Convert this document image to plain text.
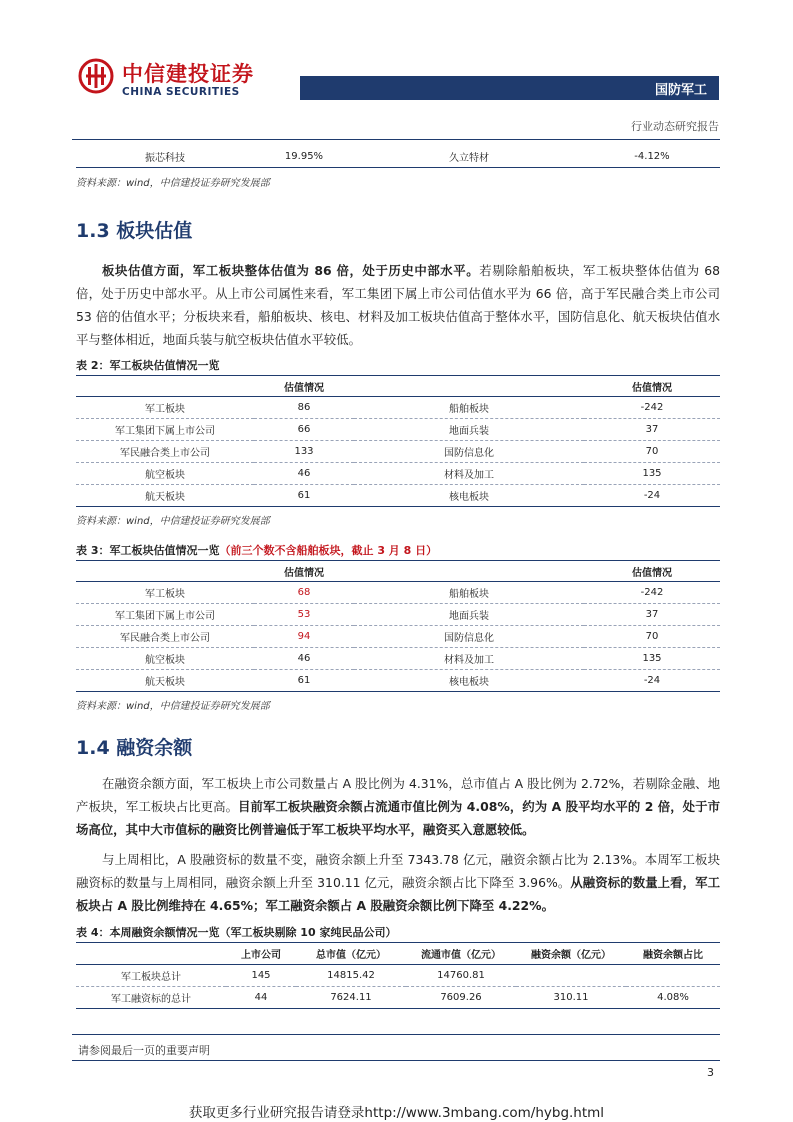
中信建投证券
CHINA SECURITIES	国防军工
行业动态研究报告
振芯科技	19.95%	久立特材	-4.12%
资料来源：wind，中信建投证券研究发展部
1.3 板块估值

板块估值方面，军工板块整体估值为 86 倍，处于历史中部水平。若剔除船舶板块，军工板块整体估值为 68 倍，处于历史中部水平。从上市公司属性来看，军工集团下属上市公司估值水平为 66 倍，高于军民融合类上市公司 53 倍的估值水平；分板块来看，船舶板块、核电、材料及加工板块估值高于整体水平，国防信息化、航天板块估值水平与整体相近，地面兵装与航空板块估值水平较低。

表 2：军工板块估值情况一览
	估值情况		估值情况
军工板块	86	船舶板块	-242
军工集团下属上市公司	66	地面兵装	37
军民融合类上市公司	133	国防信息化	70
航空板块	46	材料及加工	135
航天板块	61	核电板块	-24
资料来源：wind，中信建投证券研究发展部
表 3：军工板块估值情况一览（前三个数不含船舶板块，截止 3 月 8 日）
	估值情况		估值情况
军工板块	68	船舶板块	-242
军工集团下属上市公司	53	地面兵装	37
军民融合类上市公司	94	国防信息化	70
航空板块	46	材料及加工	135
航天板块	61	核电板块	-24
资料来源：wind，中信建投证券研究发展部
1.4 融资余额

在融资余额方面，军工板块上市公司数量占 A 股比例为 4.31%，总市值占 A 股比例为 2.72%，若剔除金融、地产板块，军工板块占比更高。目前军工板块融资余额占流通市值比例为 4.08%，约为 A 股平均水平的 2 倍，处于市场高位，其中大市值标的融资比例普遍低于军工板块平均水平，融资买入意愿较低。

与上周相比，A 股融资标的数量不变，融资余额上升至 7343.78 亿元，融资余额占比为 2.13%。本周军工板块融资标的数量与上周相同，融资余额上升至 310.11 亿元，融资余额占比下降至 3.96%。从融资标的数量上看，军工板块占 A 股比例维持在 4.65%；军工融资余额占 A 股融资余额比例下降至 4.22%。

表 4：本周融资余额情况一览（军工板块剔除 10 家纯民品公司）
	上市公司	总市值（亿元）	流通市值（亿元）	融资余额（亿元）	融资余额占比
军工板块总计	145	14815.42	14760.81		
军工融资标的总计	44	7624.11	7609.26	310.11	4.08%
请参阅最后一页的重要声明
3
获取更多行业研究报告请登录http://www.3mbang.com/hybg.html
